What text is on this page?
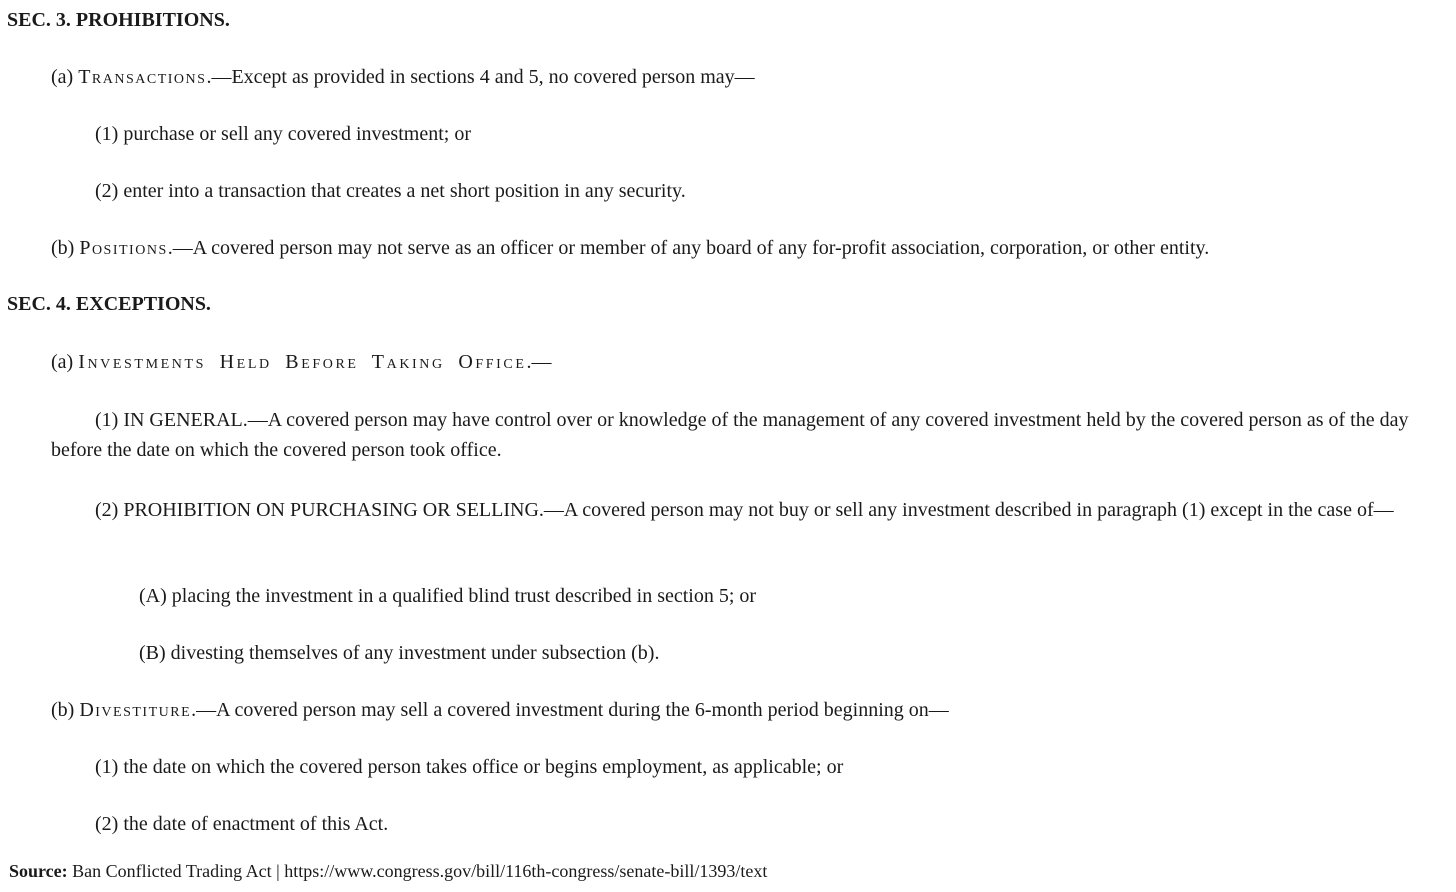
SEC. 3. PROHIBITIONS.
(a) Transactions.—Except as provided in sections 4 and 5, no covered person may—
(1) purchase or sell any covered investment; or
(2) enter into a transaction that creates a net short position in any security.
(b) Positions.—A covered person may not serve as an officer or member of any board of any for-profit association, corporation, or other entity.
SEC. 4. EXCEPTIONS.
(a) Investments Held Before Taking Office.—
(1) IN GENERAL.—A covered person may have control over or knowledge of the management of any covered investment held by the covered person as of the day before the date on which the covered person took office.
(2) PROHIBITION ON PURCHASING OR SELLING.—A covered person may not buy or sell any investment described in paragraph (1) except in the case of—
(A) placing the investment in a qualified blind trust described in section 5; or
(B) divesting themselves of any investment under subsection (b).
(b) Divestiture.—A covered person may sell a covered investment during the 6-month period beginning on—
(1) the date on which the covered person takes office or begins employment, as applicable; or
(2) the date of enactment of this Act.
Source: Ban Conflicted Trading Act | https://www.congress.gov/bill/116th-congress/senate-bill/1393/text
